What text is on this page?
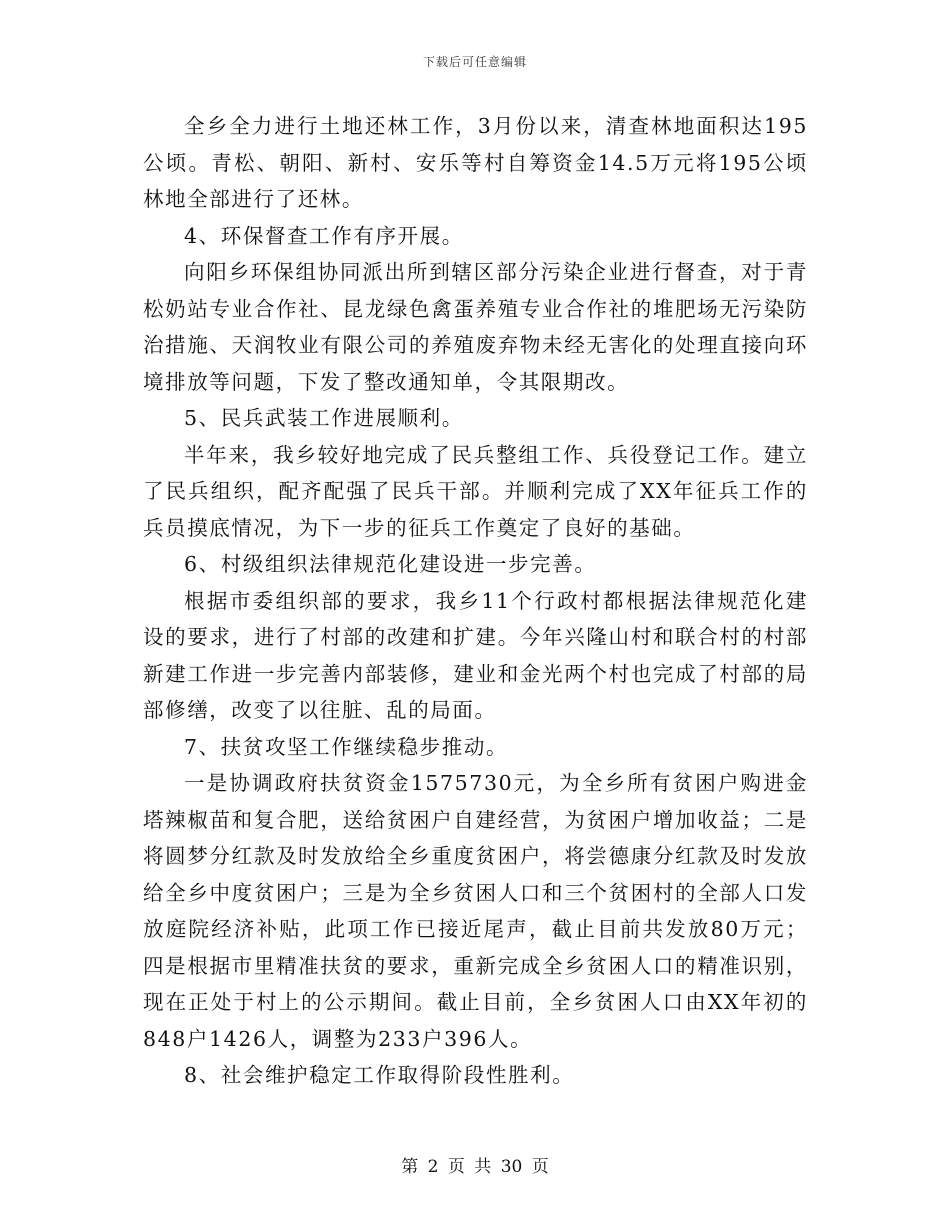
下载后可任意编辑

全乡全力进行土地还林工作，3月份以来，清查林地面积达195公顷。青松、朝阳、新村、安乐等村自筹资金14.5万元将195公顷林地全部进行了还林。

4、环保督查工作有序开展。

向阳乡环保组协同派出所到辖区部分污染企业进行督查，对于青松奶站专业合作社、昆龙绿色禽蛋养殖专业合作社的堆肥场无污染防治措施、天润牧业有限公司的养殖废弃物未经无害化的处理直接向环境排放等问题，下发了整改通知单，令其限期改。

5、民兵武装工作进展顺利。

半年来，我乡较好地完成了民兵整组工作、兵役登记工作。建立了民兵组织，配齐配强了民兵干部。并顺利完成了XX年征兵工作的兵员摸底情况，为下一步的征兵工作奠定了良好的基础。

6、村级组织法律规范化建设进一步完善。

根据市委组织部的要求，我乡11个行政村都根据法律规范化建设的要求，进行了村部的改建和扩建。今年兴隆山村和联合村的村部新建工作进一步完善内部装修，建业和金光两个村也完成了村部的局部修缮，改变了以往脏、乱的局面。

7、扶贫攻坚工作继续稳步推动。

一是协调政府扶贫资金1575730元，为全乡所有贫困户购进金塔辣椒苗和复合肥，送给贫困户自建经营，为贫困户增加收益；二是将圆梦分红款及时发放给全乡重度贫困户，将尝德康分红款及时发放给全乡中度贫困户；三是为全乡贫困人口和三个贫困村的全部人口发放庭院经济补贴，此项工作已接近尾声，截止目前共发放80万元；四是根据市里精准扶贫的要求，重新完成全乡贫困人口的精准识别，现在正处于村上的公示期间。截止目前，全乡贫困人口由XX年初的848户1426人，调整为233户396人。

8、社会维护稳定工作取得阶段性胜利。

第 2 页 共 30 页
